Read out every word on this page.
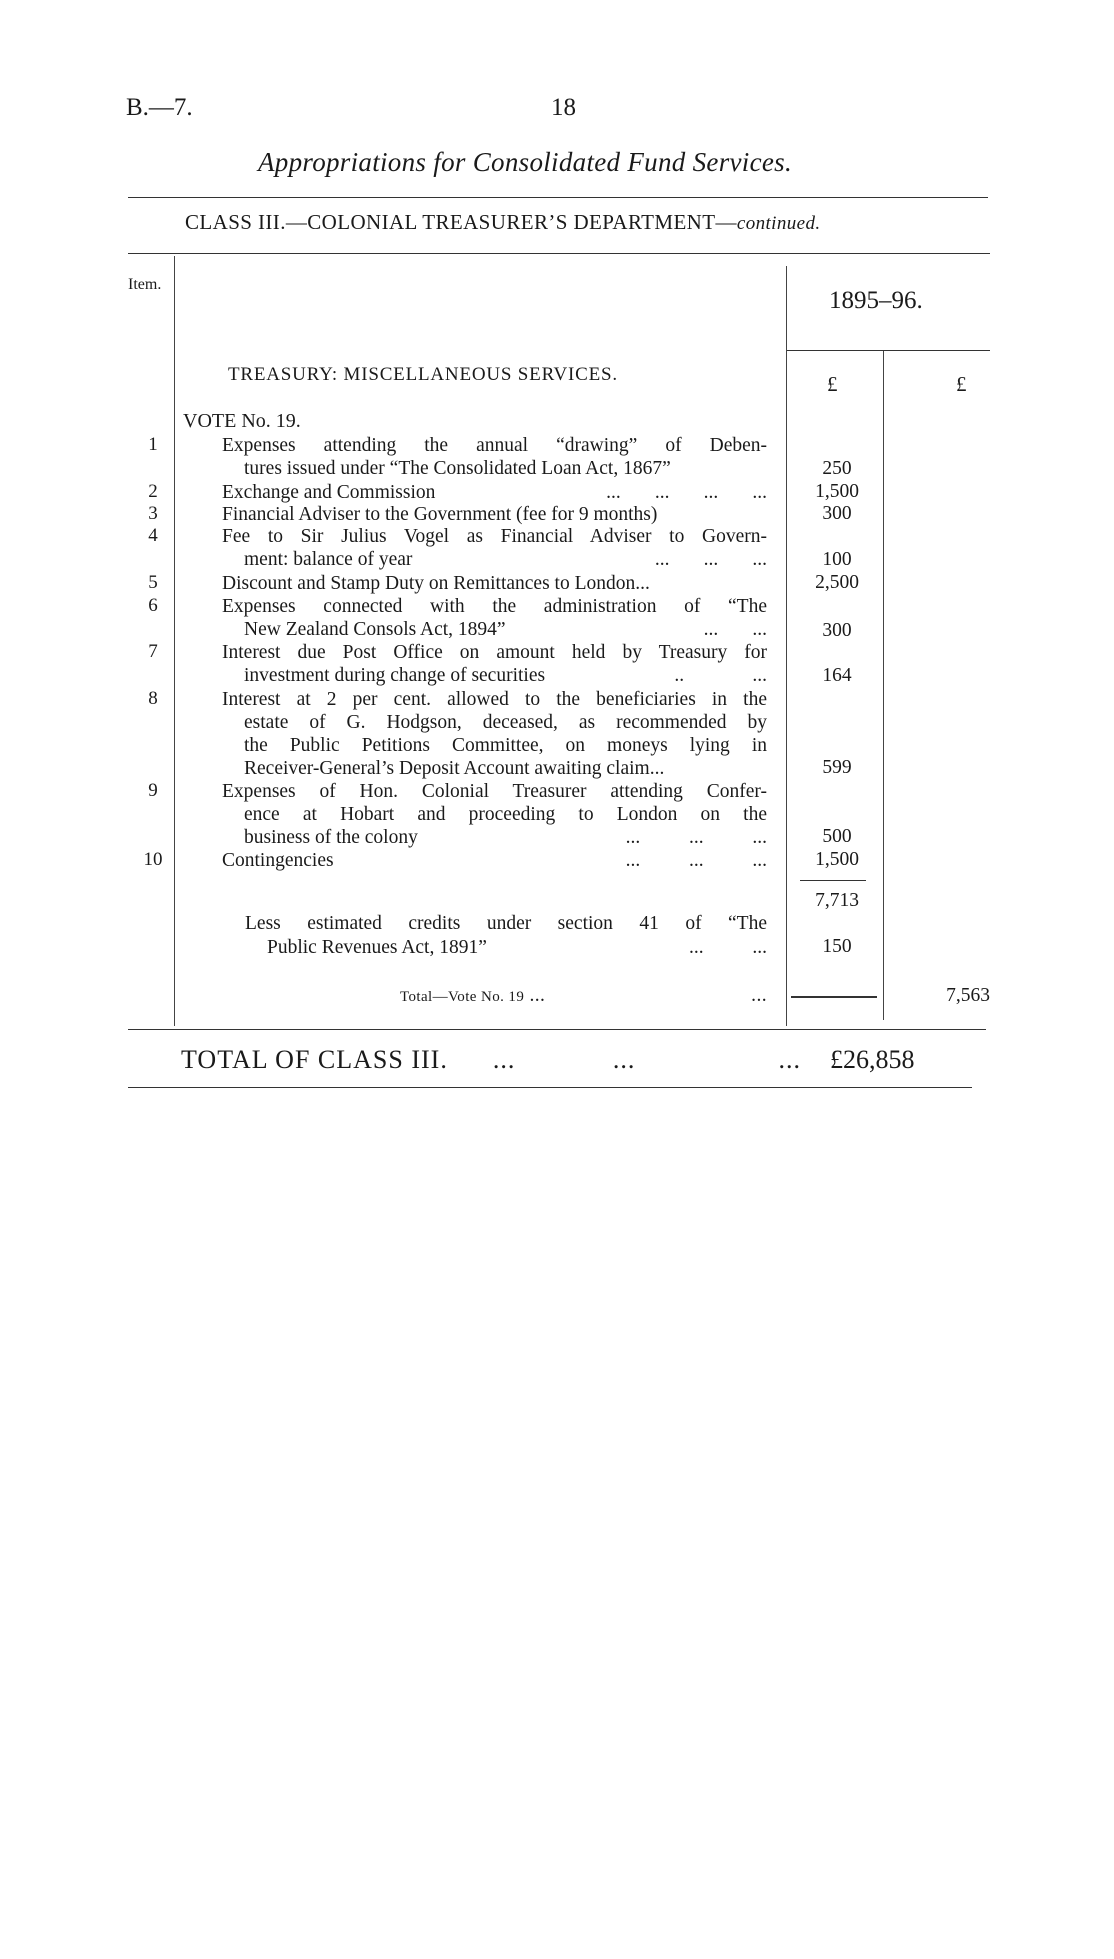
B.—7.	18
Appropriations for Consolidated Fund Services.
CLASS III.—COLONIAL TREASURER’S DEPARTMENT—continued.
Item.
1895–96.
£	£
TREASURY: MISCELLANEOUS SERVICES.
VOTE No. 19.
1	Expenses attending the annual “drawing” of Deben-
tures issued under “The Consolidated Loan Act, 1867”	250
2	Exchange and Commission	...       ...       ...       ...	1,500
3	Financial Adviser to the Government (fee for 9 months)	300
4	Fee to Sir Julius Vogel as Financial Adviser to Govern-
ment: balance of year	...       ...       ...	100
5	Discount and Stamp Duty on Remittances to London...	2,500
6	Expenses connected with the administration of “The
New Zealand Consols Act, 1894”	...       ...	300
7	Interest due Post Office on amount held by Treasury for
investment during change of securities	..              ...	164
8	Interest at 2 per cent. allowed to the beneficiaries in the
estate of G. Hodgson, deceased, as recommended by
the Public Petitions Committee, on moneys lying in
Receiver-General’s Deposit Account awaiting claim...	599
9	Expenses of Hon. Colonial Treasurer attending Confer-
ence at Hobart and proceeding to London on the
business of the colony	...          ...          ...	500
10	Contingencies	...          ...          ...	1,500
7,713
Less estimated credits under section 41 of “The
Public Revenues Act, 1891”	...          ...	150
Total—Vote No. 19 ...	...	7,563
TOTAL OF CLASS III.      ...             ...	... £26,858
